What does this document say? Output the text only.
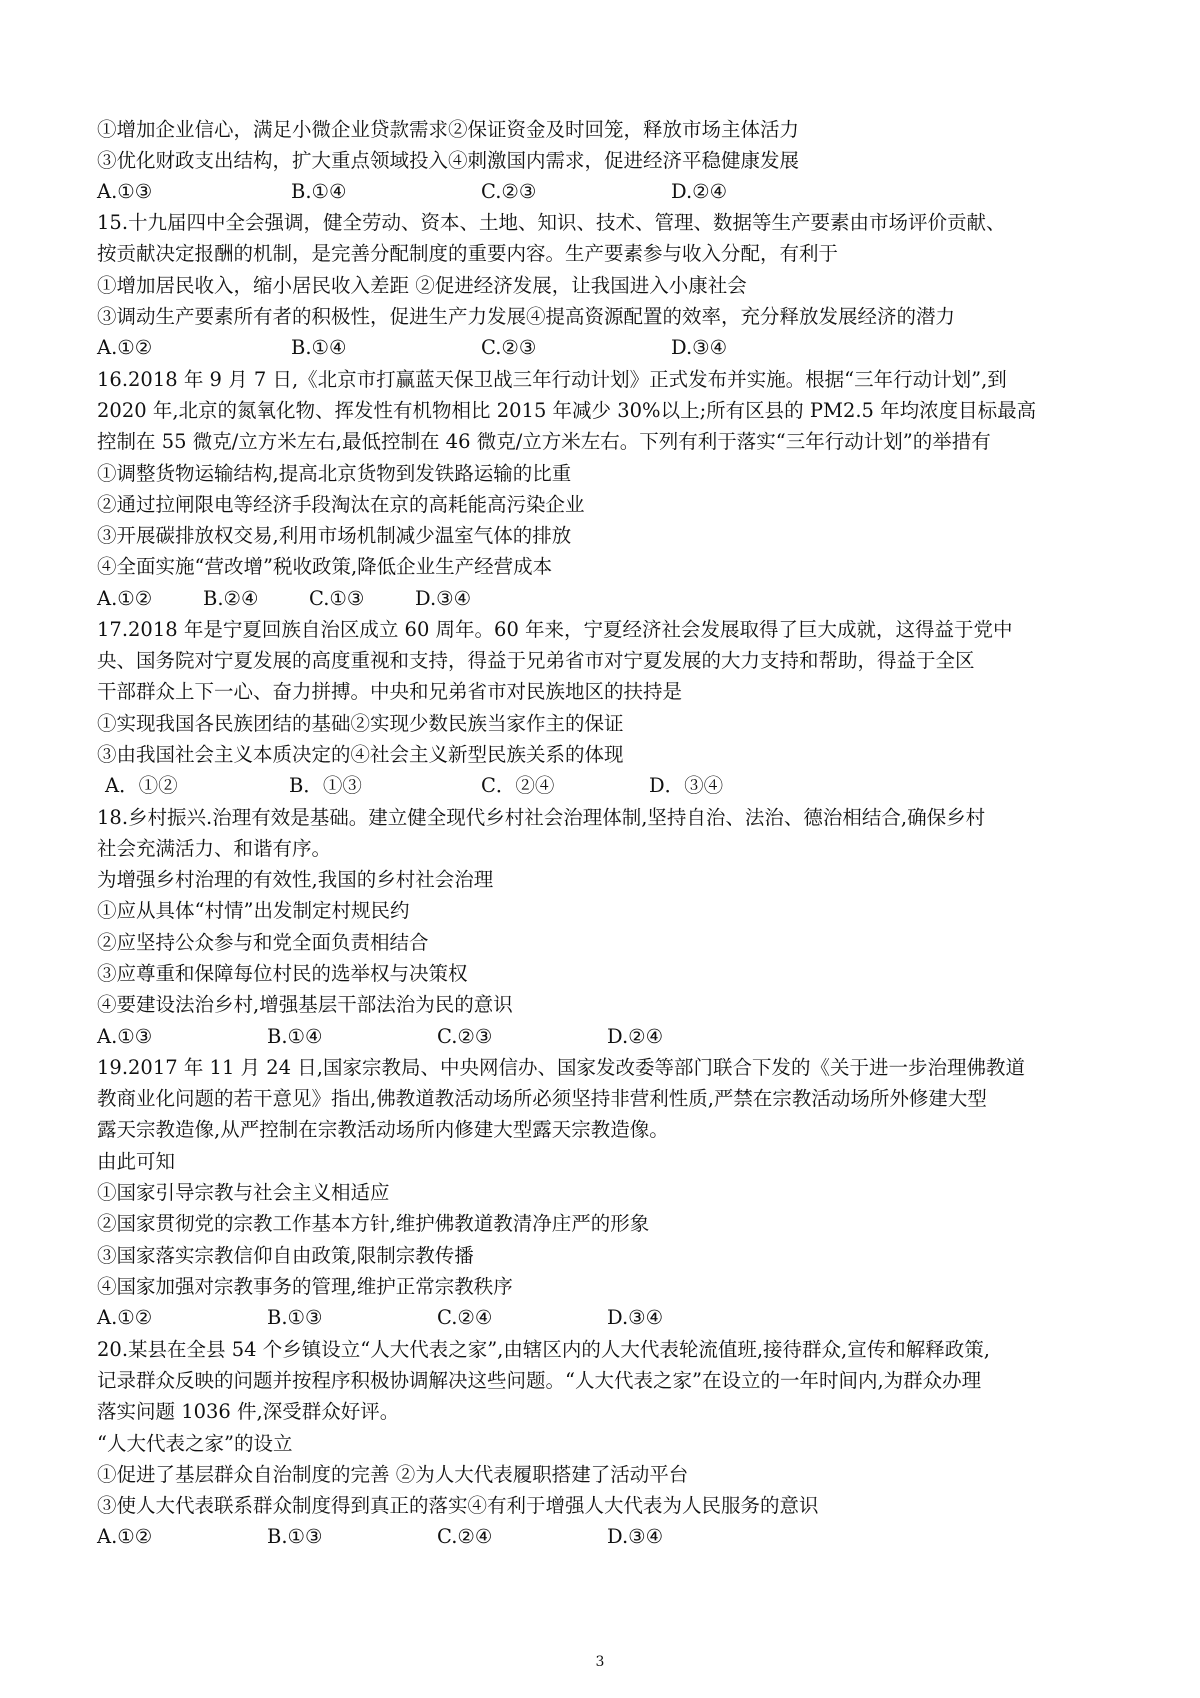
①增加企业信心，满足小微企业贷款需求②保证资金及时回笼，释放市场主体活力
③优化财政支出结构，扩大重点领域投入④刺激国内需求，促进经济平稳健康发展
A.①③	B.①④	C.②③	D.②④
15.十九届四中全会强调，健全劳动、资本、土地、知识、技术、管理、数据等生产要素由市场评价贡献、
按贡献决定报酬的机制，是完善分配制度的重要内容。生产要素参与收入分配，有利于
①增加居民收入，缩小居民收入差距 ②促进经济发展，让我国进入小康社会
③调动生产要素所有者的积极性，促进生产力发展④提高资源配置的效率，充分释放发展经济的潜力
A.①②	B.①④	C.②③	D.③④
16.2018 年 9 月 7 日,《北京市打赢蓝天保卫战三年行动计划》正式发布并实施。根据“三年行动计划”,到
2020 年,北京的氮氧化物、挥发性有机物相比 2015 年减少 30%以上;所有区县的 PM2.5 年均浓度目标最高
控制在 55 微克/立方米左右,最低控制在 46 微克/立方米左右。下列有利于落实“三年行动计划”的举措有
①调整货物运输结构,提高北京货物到发铁路运输的比重
②通过拉闸限电等经济手段淘汰在京的高耗能高污染企业
③开展碳排放权交易,利用市场机制减少温室气体的排放
④全面实施“营改增”税收政策,降低企业生产经营成本
A.①②	B.②④	C.①③	D.③④
17.2018 年是宁夏回族自治区成立 60 周年。60 年来，宁夏经济社会发展取得了巨大成就，这得益于党中
央、国务院对宁夏发展的高度重视和支持，得益于兄弟省市对宁夏发展的大力支持和帮助，得益于全区
干部群众上下一心、奋力拼搏。中央和兄弟省市对民族地区的扶持是
①实现我国各民族团结的基础②实现少数民族当家作主的保证
③由我国社会主义本质决定的④社会主义新型民族关系的体现
A．①②	B．①③	C．②④	D．③④
18.乡村振兴.治理有效是基础。建立健全现代乡村社会治理体制,坚持自治、法治、德治相结合,确保乡村
社会充满活力、和谐有序。
为增强乡村治理的有效性,我国的乡村社会治理
①应从具体“村情”出发制定村规民约
②应坚持公众参与和党全面负责相结合
③应尊重和保障每位村民的选举权与决策权
④要建设法治乡村,增强基层干部法治为民的意识
A.①③	B.①④	C.②③	D.②④
19.2017 年 11 月 24 日,国家宗教局、中央网信办、国家发改委等部门联合下发的《关于进一步治理佛教道
教商业化问题的若干意见》指出,佛教道教活动场所必须坚持非营利性质,严禁在宗教活动场所外修建大型
露天宗教造像,从严控制在宗教活动场所内修建大型露天宗教造像。
由此可知
①国家引导宗教与社会主义相适应
②国家贯彻党的宗教工作基本方针,维护佛教道教清净庄严的形象
③国家落实宗教信仰自由政策,限制宗教传播
④国家加强对宗教事务的管理,维护正常宗教秩序
A.①②	B.①③	C.②④	D.③④
20.某县在全县 54 个乡镇设立“人大代表之家”,由辖区内的人大代表轮流值班,接待群众,宣传和解释政策,
记录群众反映的问题并按程序积极协调解决这些问题。“人大代表之家”在设立的一年时间内,为群众办理
落实问题 1036 件,深受群众好评。
“人大代表之家”的设立
①促进了基层群众自治制度的完善 ②为人大代表履职搭建了活动平台
③使人大代表联系群众制度得到真正的落实④有利于增强人大代表为人民服务的意识
A.①②	B.①③	C.②④	D.③④
3
